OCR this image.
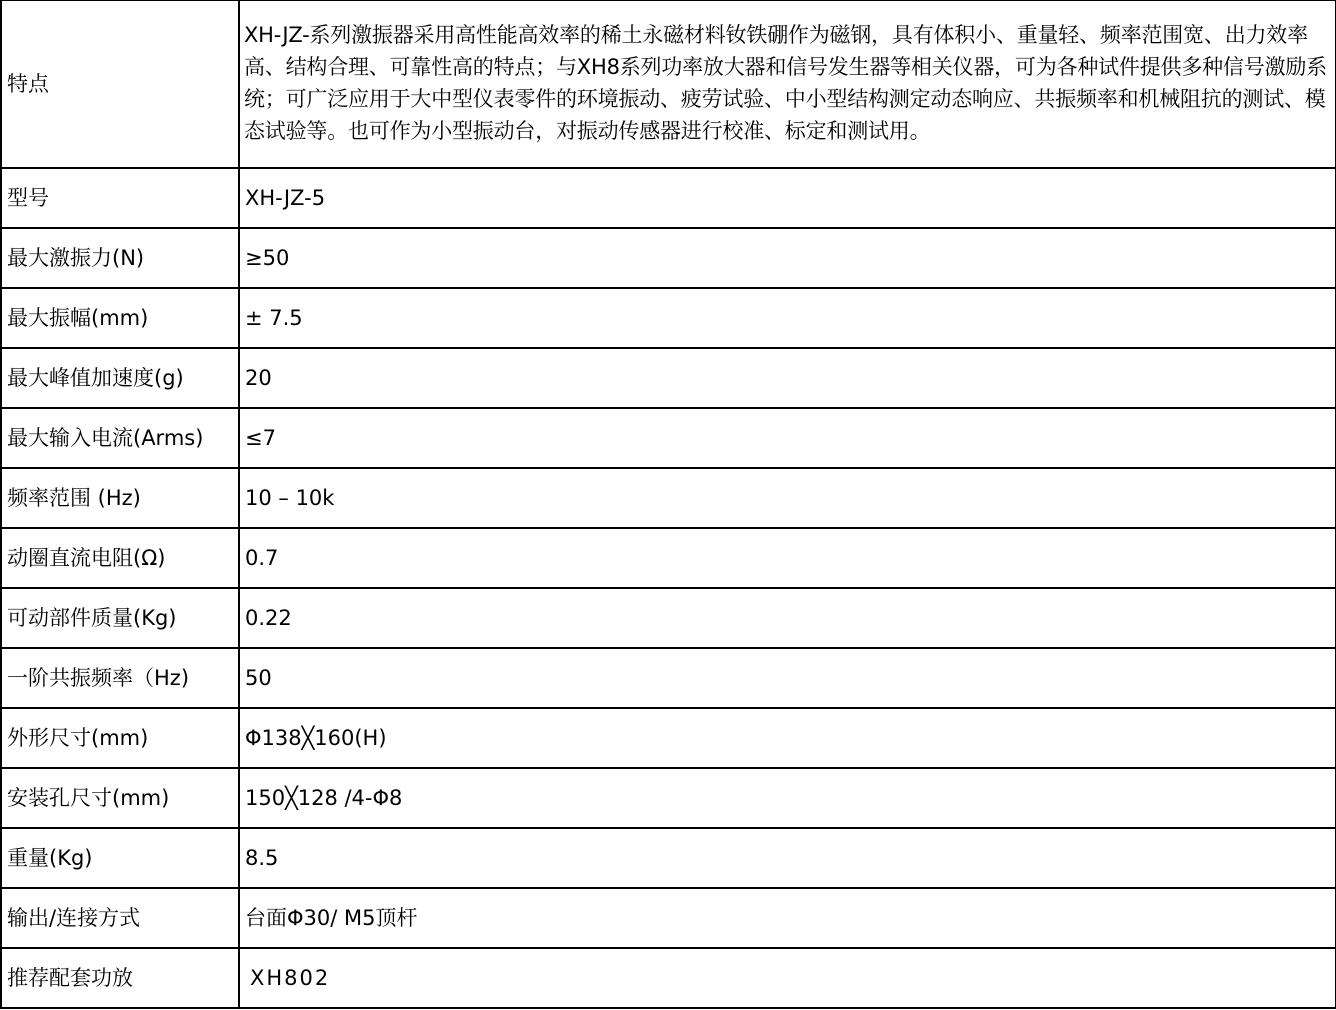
特点	XH-JZ-系列激振器采用高性能高效率的稀土永磁材料钕铁硼作为磁钢，具有体积小、重量轻、频率范围宽、出力效率高、结构合理、可靠性高的特点；与XH8系列功率放大器和信号发生器等相关仪器，可为各种试件提供多种信号激励系统；可广泛应用于大中型仪表零件的环境振动、疲劳试验、中小型结构测定动态响应、共振频率和机械阻抗的测试、模态试验等。也可作为小型振动台，对振动传感器进行校准、标定和测试用。
型号	XH-JZ-5
最大激振力(N)	≥50
最大振幅(mm)	± 7.5
最大峰值加速度(g)	20
最大输入电流(Arms)	≤7
频率范围 (Hz)	10 – 10k
动圈直流电阻(Ω)	0.7
可动部件质量(Kg)	0.22
一阶共振频率（Hz)	50
外形尺寸(mm)	Φ138╳160(H)
安装孔尺寸(mm)	150╳128 /4-Φ8
重量(Kg)	8.5
输出/连接方式	台面Φ30/ M5顶杆
推荐配套功放	XH802
